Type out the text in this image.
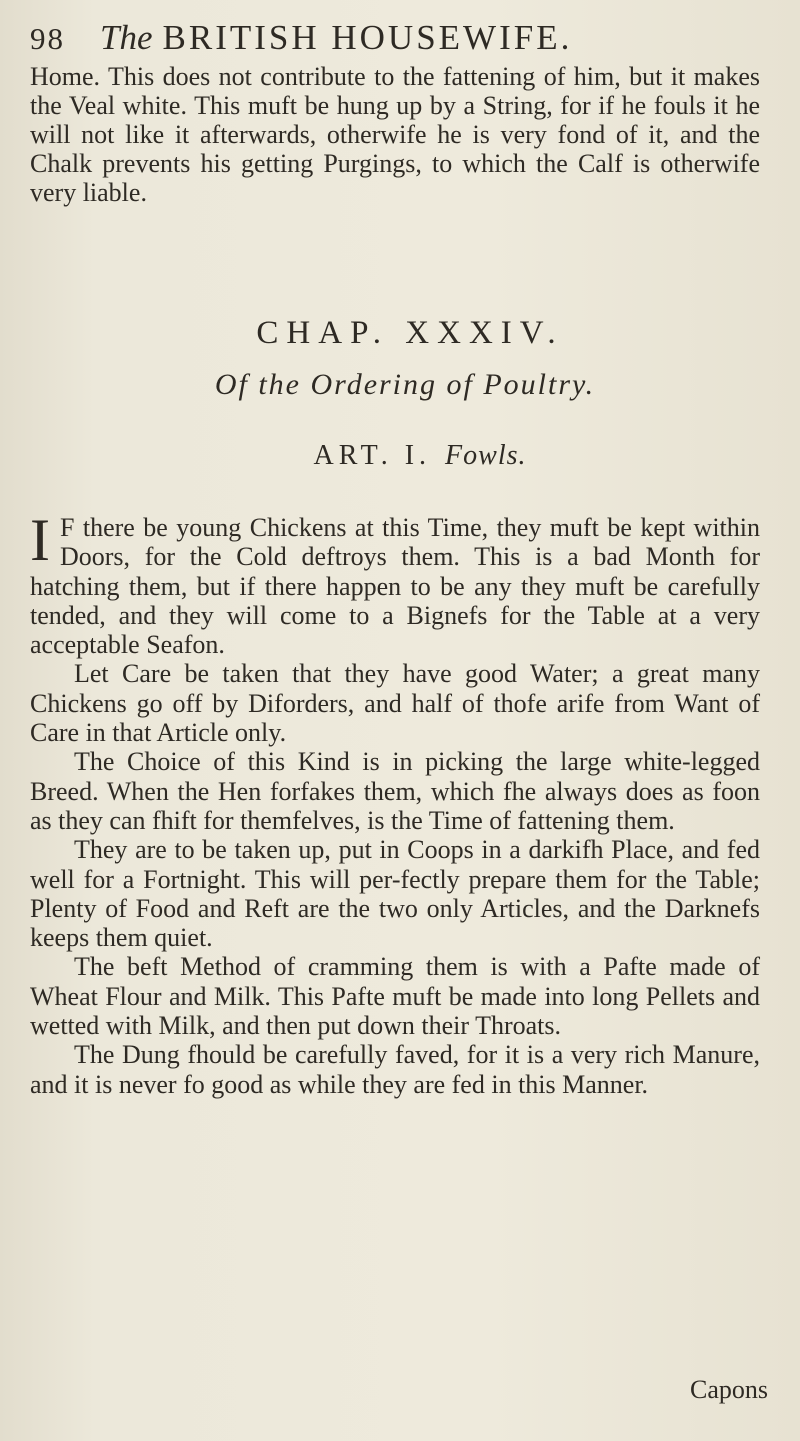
98 The BRITISH HOUSEWIFE.
Home. This does not contribute to the fattening of him, but it makes the Veal white. This muft be hung up by a String, for if he fouls it he will not like it afterwards, otherwife he is very fond of it, and the Chalk prevents his getting Purgings, to which the Calf is otherwife very liable.
CHAP. XXXIV.
Of the Ordering of Poultry.
ART. I. Fowls.

I F there be young Chickens at this Time, they muft be kept within Doors, for the Cold deftroys them. This is a bad Month for hatching them, but if there happen to be any they muft be carefully tended, and they will come to a Bignefs for the Table at a very acceptable Seafon.

Let Care be taken that they have good Water; a great many Chickens go off by Diforders, and half of thofe arife from Want of Care in that Article only.

The Choice of this Kind is in picking the large white-legged Breed. When the Hen forfakes them, which fhe always does as foon as they can fhift for themfelves, is the Time of fattening them.

They are to be taken up, put in Coops in a darkifh Place, and fed well for a Fortnight. This will per-fectly prepare them for the Table; Plenty of Food and Reft are the two only Articles, and the Darknefs keeps them quiet.

The beft Method of cramming them is with a Pafte made of Wheat Flour and Milk. This Pafte muft be made into long Pellets and wetted with Milk, and then put down their Throats.

The Dung fhould be carefully faved, for it is a very rich Manure, and it is never fo good as while they are fed in this Manner.

Capons
